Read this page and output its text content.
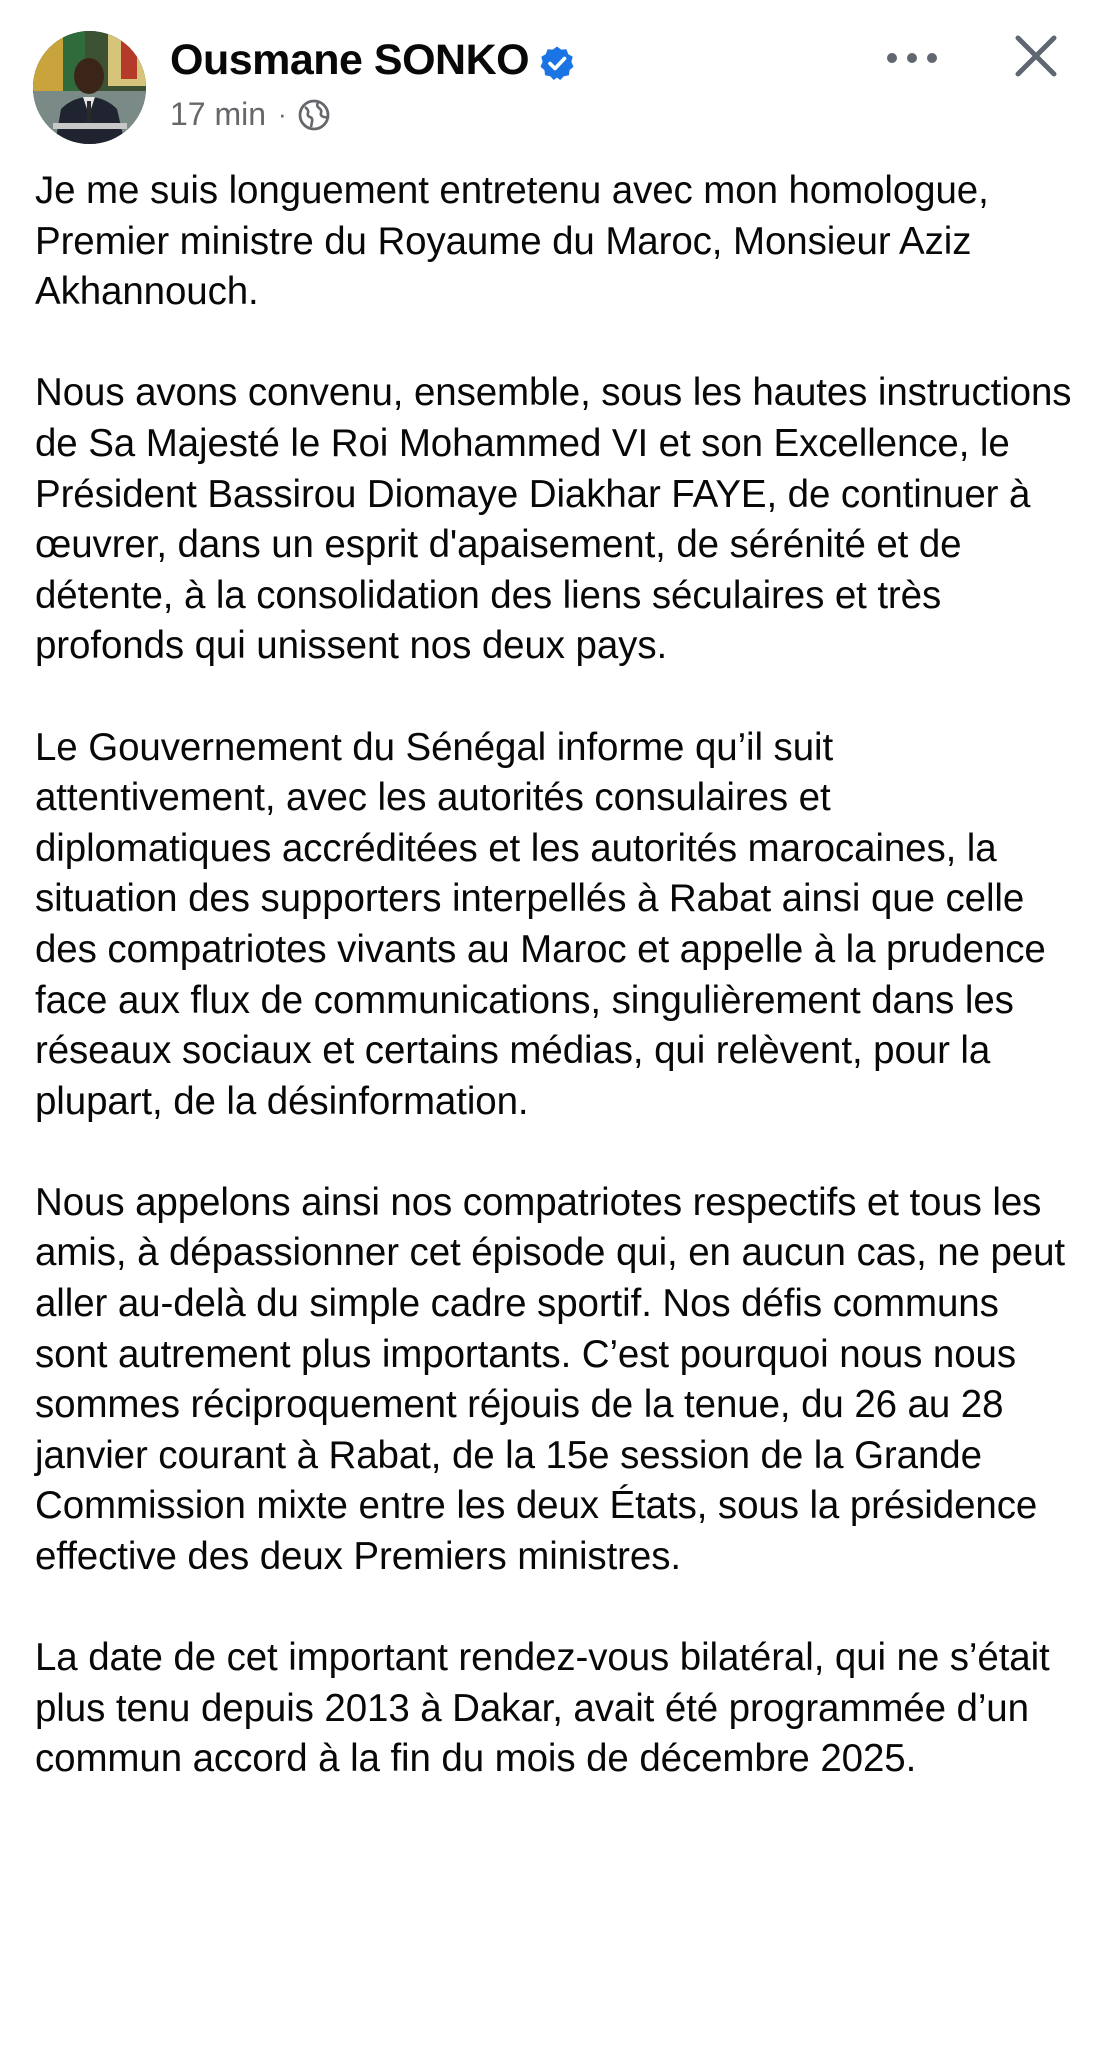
Ousmane SONKO
17 min ·

Je me suis longuement entretenu avec mon homologue, Premier ministre du Royaume du Maroc, Monsieur Aziz Akhannouch.

Nous avons convenu, ensemble, sous les hautes instructions de Sa Majesté le Roi Mohammed VI et son Excellence, le Président Bassirou Diomaye Diakhar FAYE, de continuer à œuvrer, dans un esprit d'apaisement, de sérénité et de détente, à la consolidation des liens séculaires et très profonds qui unissent nos deux pays.

Le Gouvernement du Sénégal informe qu’il suit attentivement, avec les autorités consulaires et diplomatiques accréditées et les autorités marocaines, la situation des supporters interpellés à Rabat ainsi que celle des compatriotes vivants au Maroc et appelle à la prudence face aux flux de communications, singulièrement dans les réseaux sociaux et certains médias, qui relèvent, pour la plupart, de la désinformation.

Nous appelons ainsi nos compatriotes respectifs et tous les amis, à dépassionner cet épisode qui, en aucun cas, ne peut aller au-delà du simple cadre sportif. Nos défis communs sont autrement plus importants. C’est pourquoi nous nous sommes réciproquement réjouis de la tenue, du 26 au 28 janvier courant à Rabat, de la 15e session de la Grande Commission mixte entre les deux États, sous la présidence effective des deux Premiers ministres.

La date de cet important rendez-vous bilatéral, qui ne s’était plus tenu depuis 2013 à Dakar, avait été programmée d’un commun accord à la fin du mois de décembre 2025.
